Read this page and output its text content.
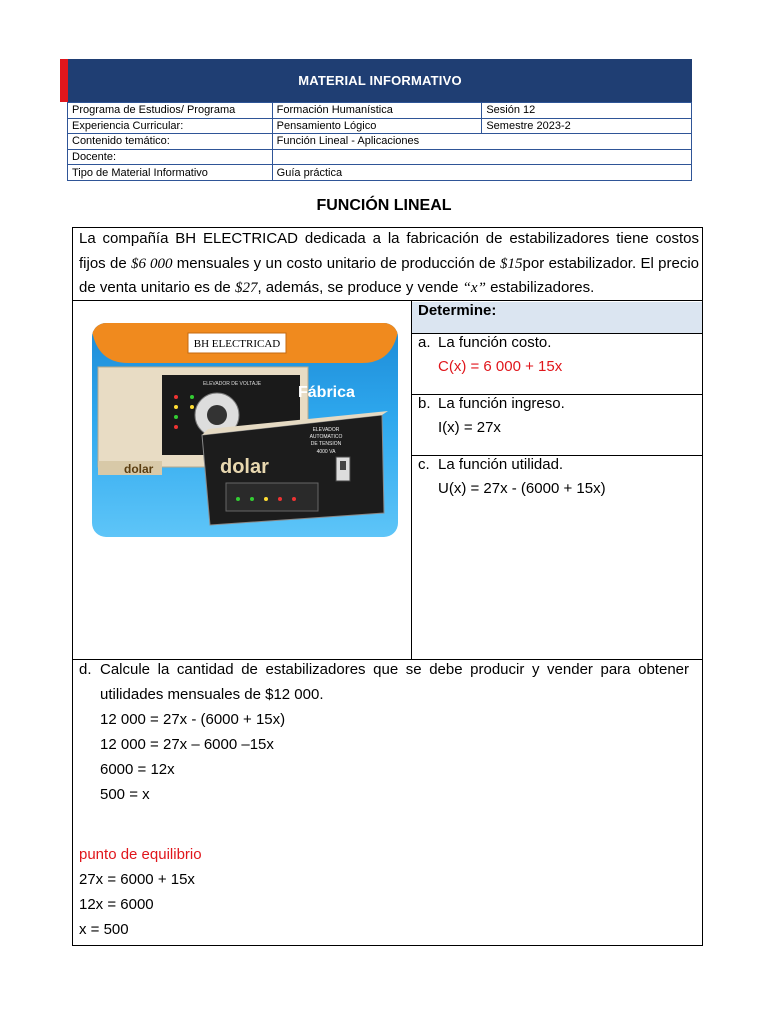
MATERIAL INFORMATIVO
Programa de Estudios/ Programa	Formación Humanística	Sesión 12
Experiencia Curricular:	Pensamiento Lógico	Semestre 2023-2
Contenido temático:	Función Lineal - Aplicaciones	
Docente:		
Tipo de Material Informativo	Guía práctica	
FUNCIÓN LINEAL
La compañía BH ELECTRICAD dedicada a la fabricación de estabilizadores tiene costos fijos de $6 000 mensuales y un costo unitario de producción de $15por estabilizador. El precio de venta unitario es de $27, además, se produce y vende “x” estabilizadores.
BH ELECTRICAD
ELEVADOR DE VOLTAJE
dolar
Fábrica
dolar
ELEVADOR
AUTOMATICO
DE TENSION
4000 VA
Determine:
a. La función costo.
C(x) = 6 000 + 15x
b. La función ingreso.
I(x) = 27x
c. La función utilidad.
U(x) = 27x - (6000 + 15x)
d. Calcule la cantidad de estabilizadores que se debe producir y vender para obtener
utilidades mensuales de $12 000.
12 000 = 27x - (6000 + 15x)
12 000 = 27x – 6000 –15x
6000 = 12x
500 = x
punto de equilibrio
27x = 6000 + 15x
12x = 6000
x = 500
